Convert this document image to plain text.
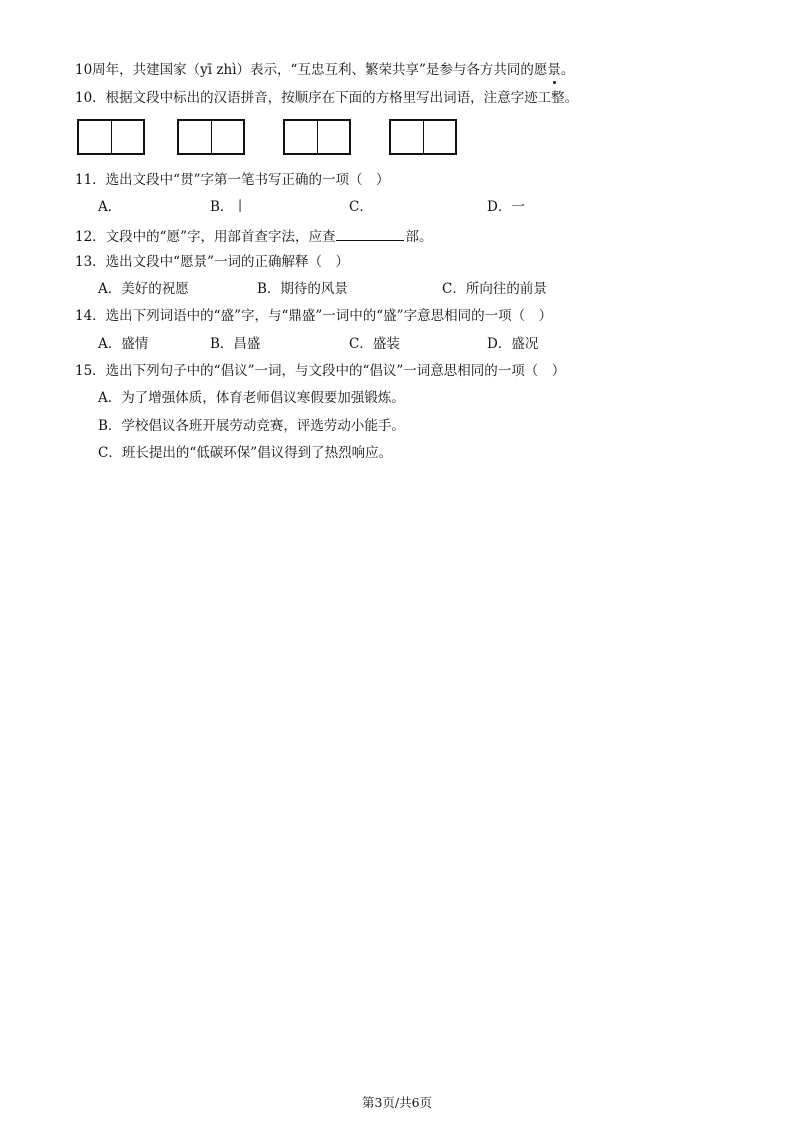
10周年，共建国家（yī zhì）表示，“互忠互利、繁荣共享”是参与各方共同的愿景。
10．根据文段中标出的汉语拼音，按顺序在下面的方格里写出词语，注意字迹工整。
11．选出文段中“贯”字第一笔书写正确的一项（　）
A．	B．丨	C．	D．一
12．文段中的“愿”字，用部首查字法，应查	部。
13．选出文段中“愿景”一词的正确解释（　）
A．美好的祝愿	B．期待的风景	C．所向往的前景
14．选出下列词语中的“盛”字，与“鼎盛”一词中的“盛”字意思相同的一项（　）
A．盛情	B．昌盛	C．盛装	D．盛况
15．选出下列句子中的“倡议”一词，与文段中的“倡议”一词意思相同的一项（　）
A．为了增强体质，体育老师倡议寒假要加强锻炼。
B．学校倡议各班开展劳动竞赛，评选劳动小能手。
C．班长提出的“低碳环保”倡议得到了热烈响应。
第3页/共6页
